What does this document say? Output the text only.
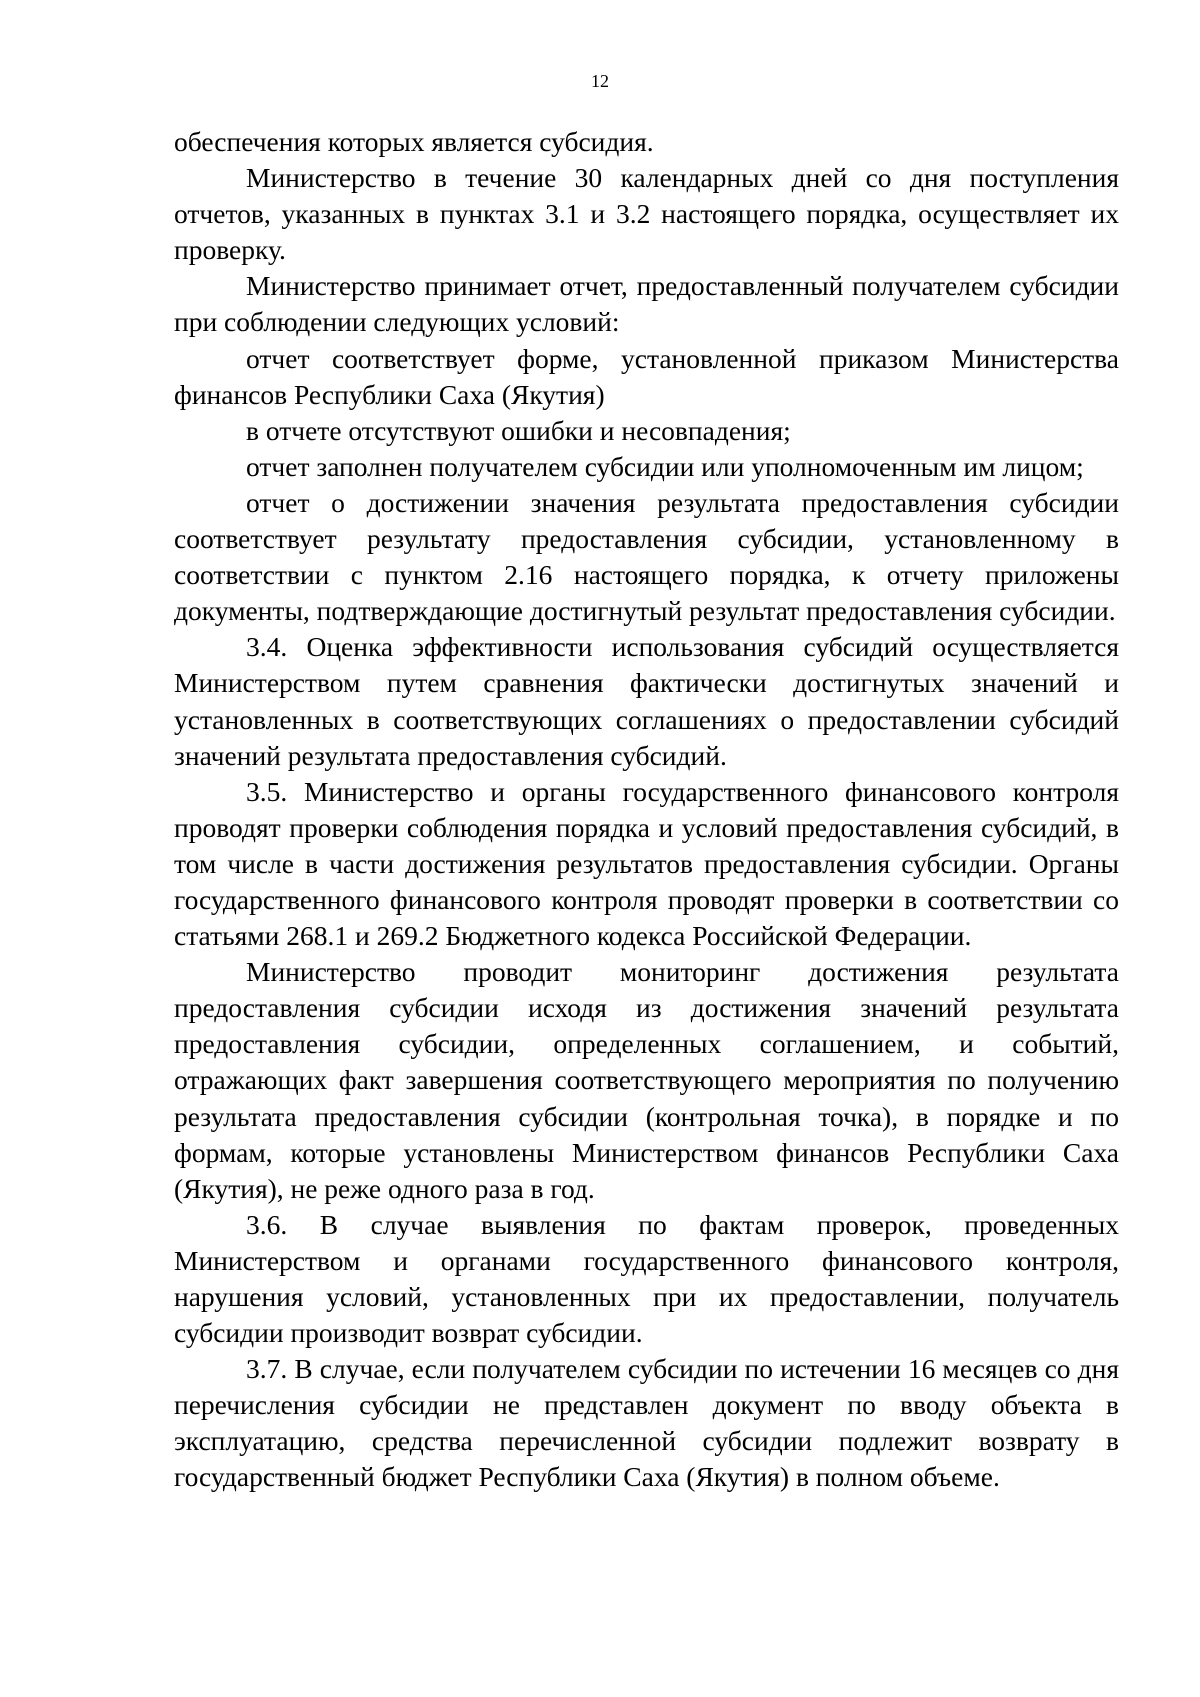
12

обеспечения которых является субсидия.

Министерство в течение 30 календарных дней со дня поступления отчетов, указанных в пунктах 3.1 и 3.2 настоящего порядка, осуществляет их проверку.

Министерство принимает отчет, предоставленный получателем субсидии при соблюдении следующих условий:

отчет соответствует форме, установленной приказом Министерства финансов Республики Саха (Якутия)

в отчете отсутствуют ошибки и несовпадения;

отчет заполнен получателем субсидии или уполномоченным им лицом;

отчет о достижении значения результата предоставления субсидии соответствует результату предоставления субсидии, установленному в соответствии с пунктом 2.16 настоящего порядка, к отчету приложены документы, подтверждающие достигнутый результат предоставления субсидии.

3.4. Оценка эффективности использования субсидий осуществляется Министерством путем сравнения фактически достигнутых значений и установленных в соответствующих соглашениях о предоставлении субсидий значений результата предоставления субсидий.

3.5. Министерство и органы государственного финансового контроля проводят проверки соблюдения порядка и условий предоставления субсидий, в том числе в части достижения результатов предоставления субсидии. Органы государственного финансового контроля проводят проверки в соответствии со статьями 268.1 и 269.2 Бюджетного кодекса Российской Федерации.

Министерство проводит мониторинг достижения результата предоставления субсидии исходя из достижения значений результата предоставления субсидии, определенных соглашением, и событий, отражающих факт завершения соответствующего мероприятия по получению результата предоставления субсидии (контрольная точка), в порядке и по формам, которые установлены Министерством финансов Республики Саха (Якутия), не реже одного раза в год.

3.6. В случае выявления по фактам проверок, проведенных Министерством и органами государственного финансового контроля, нарушения условий, установленных при их предоставлении, получатель субсидии производит возврат субсидии.

3.7. В случае, если получателем субсидии по истечении 16 месяцев со дня перечисления субсидии не представлен документ по вводу объекта в эксплуатацию, средства перечисленной субсидии подлежит возврату в государственный бюджет Республики Саха (Якутия) в полном объеме.
